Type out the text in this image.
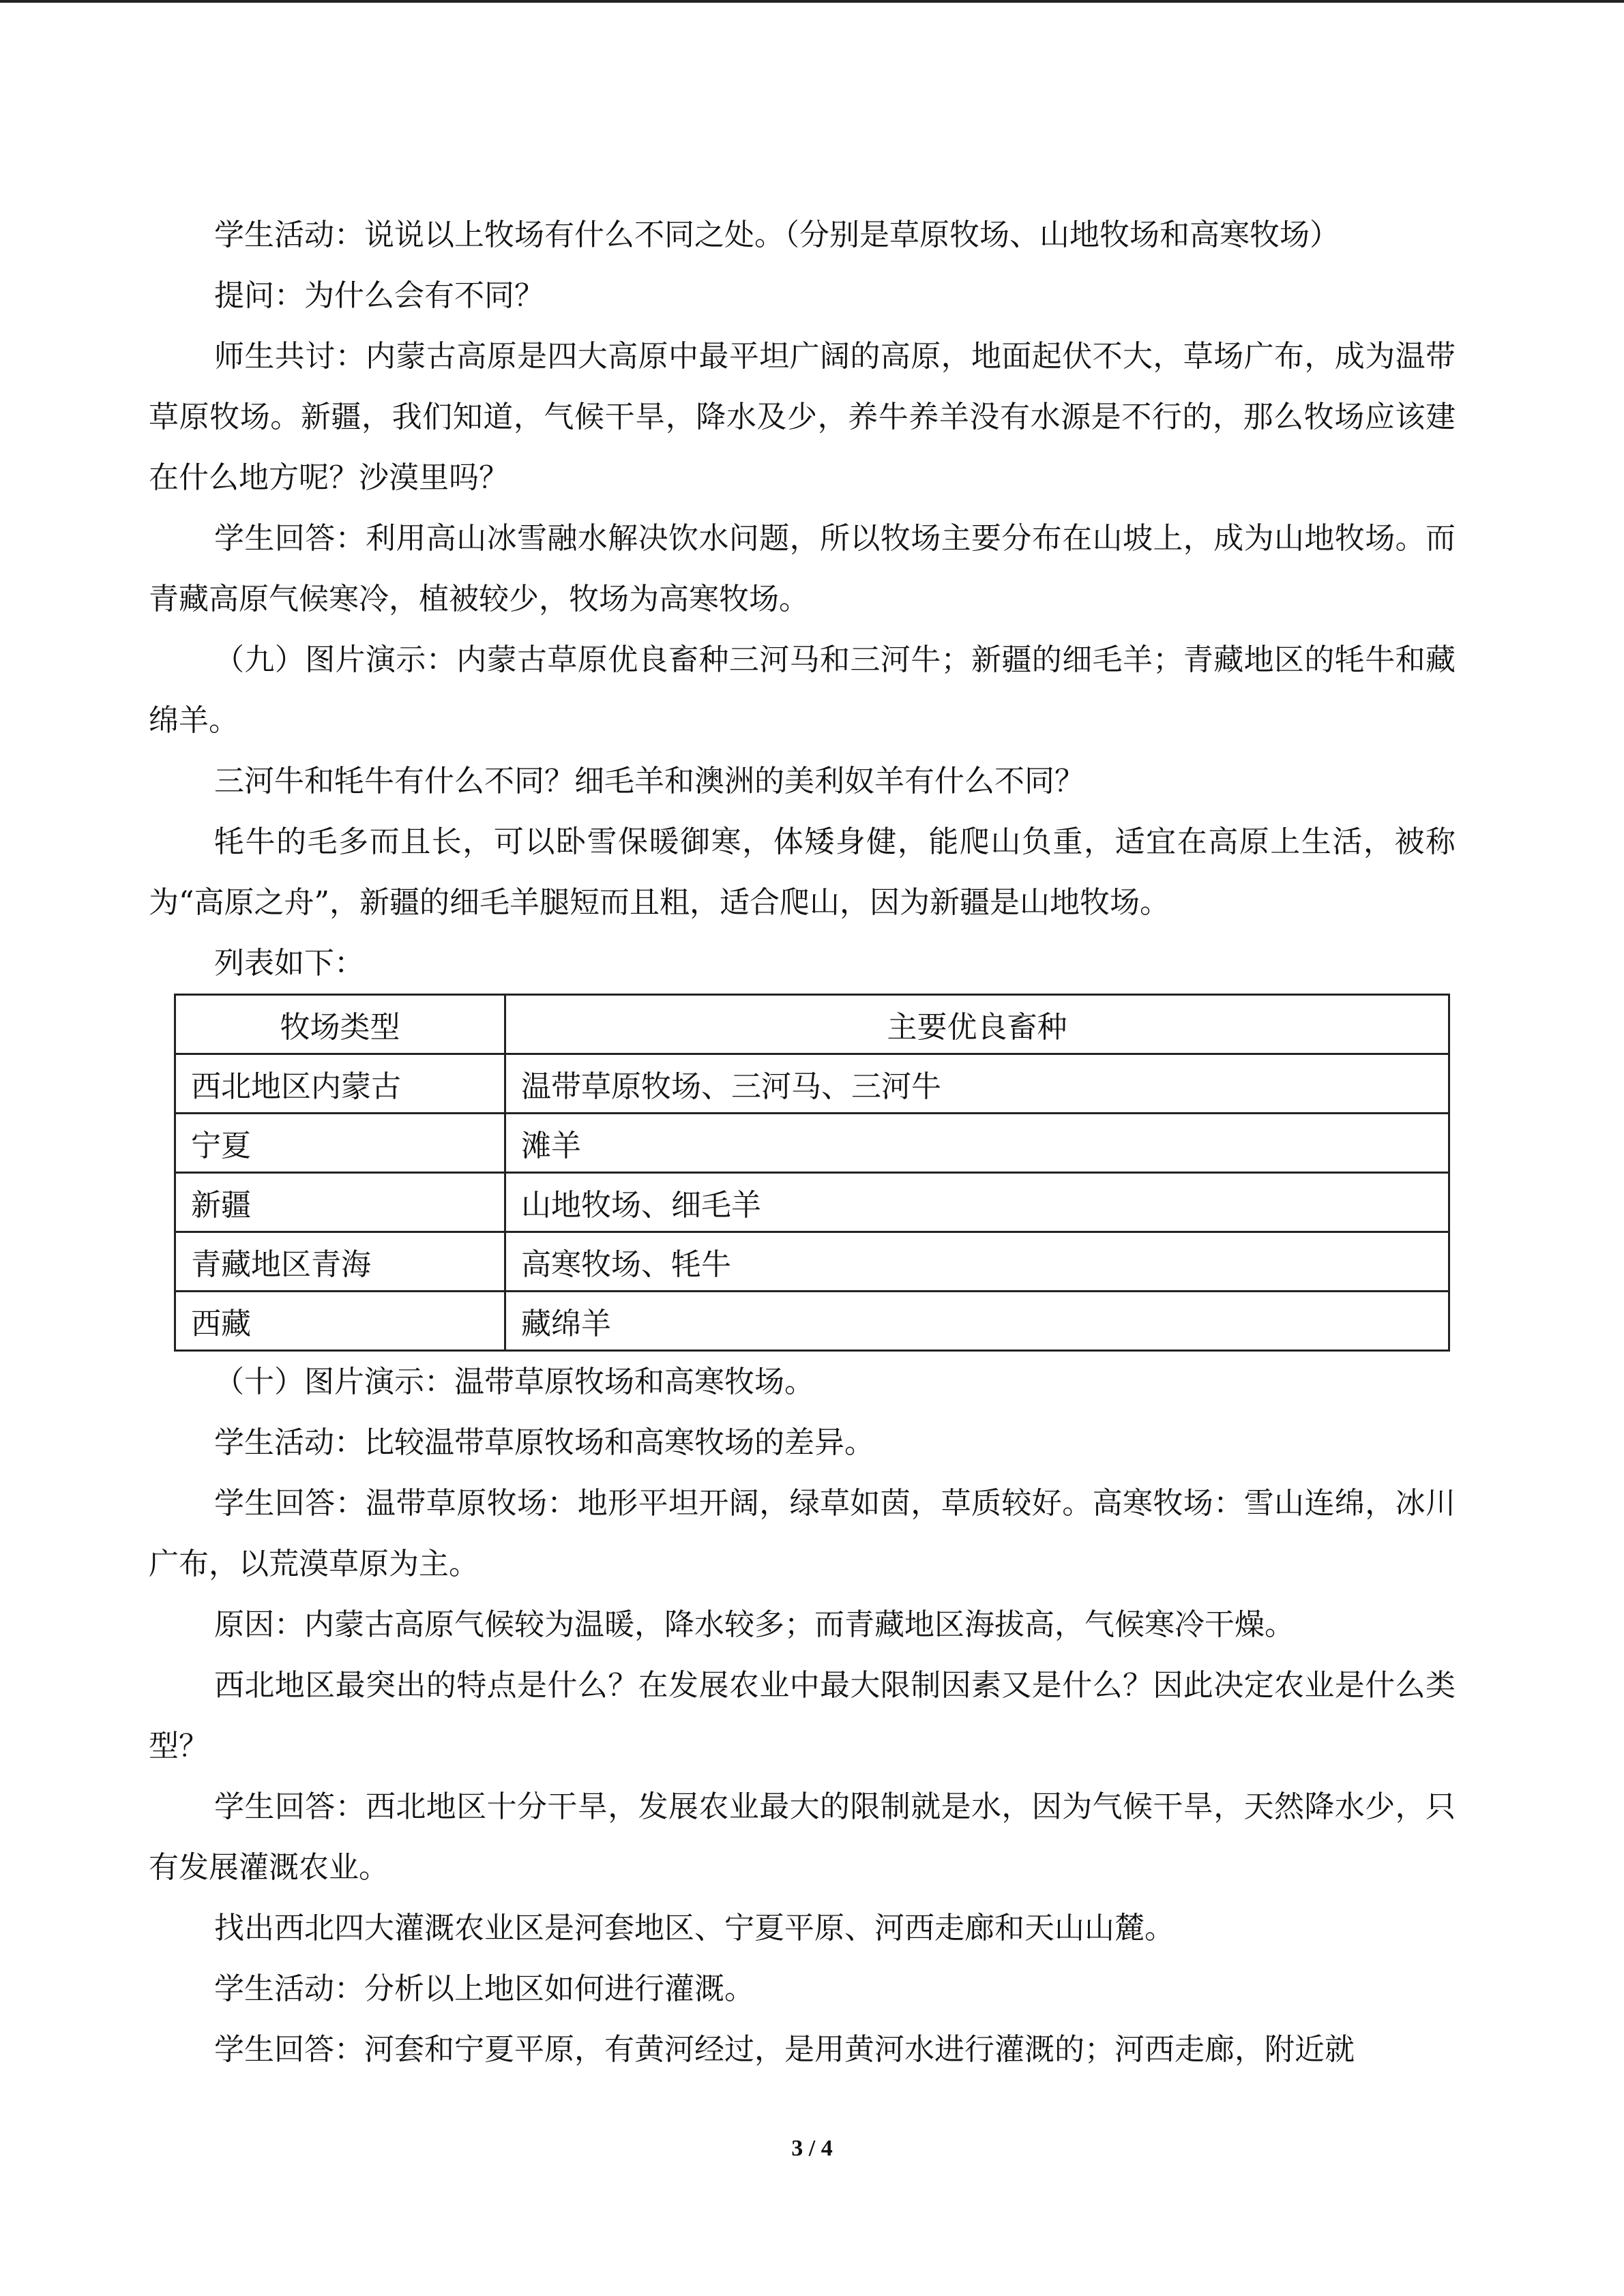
学生活动：说说以上牧场有什么不同之处。（分别是草原牧场、山地牧场和高寒牧场）

提问：为什么会有不同？

师生共讨：内蒙古高原是四大高原中最平坦广阔的高原，地面起伏不大，草场广布，成为温带草原牧场。新疆，我们知道，气候干旱，降水及少，养牛养羊没有水源是不行的，那么牧场应该建在什么地方呢？沙漠里吗？

学生回答：利用高山冰雪融水解决饮水问题，所以牧场主要分布在山坡上，成为山地牧场。而青藏高原气候寒冷，植被较少，牧场为高寒牧场。

（九）图片演示：内蒙古草原优良畜种三河马和三河牛；新疆的细毛羊；青藏地区的牦牛和藏绵羊。

三河牛和牦牛有什么不同？细毛羊和澳洲的美利奴羊有什么不同？

牦牛的毛多而且长，可以卧雪保暖御寒，体矮身健，能爬山负重，适宜在高原上生活，被称为“高原之舟”，新疆的细毛羊腿短而且粗，适合爬山，因为新疆是山地牧场。

列表如下：

牧场类型	主要优良畜种
西北地区内蒙古	温带草原牧场、三河马、三河牛
宁夏	滩羊
新疆	山地牧场、细毛羊
青藏地区青海	高寒牧场、牦牛
西藏	藏绵羊

（十）图片演示：温带草原牧场和高寒牧场。

学生活动：比较温带草原牧场和高寒牧场的差异。

学生回答：温带草原牧场：地形平坦开阔，绿草如茵，草质较好。高寒牧场：雪山连绵，冰川广布，以荒漠草原为主。

原因：内蒙古高原气候较为温暖，降水较多；而青藏地区海拔高，气候寒冷干燥。

西北地区最突出的特点是什么？在发展农业中最大限制因素又是什么？因此决定农业是什么类型？

学生回答：西北地区十分干旱，发展农业最大的限制就是水，因为气候干旱，天然降水少，只有发展灌溉农业。

找出西北四大灌溉农业区是河套地区、宁夏平原、河西走廊和天山山麓。

学生活动：分析以上地区如何进行灌溉。

学生回答：河套和宁夏平原，有黄河经过，是用黄河水进行灌溉的；河西走廊，附近就

3 / 4
